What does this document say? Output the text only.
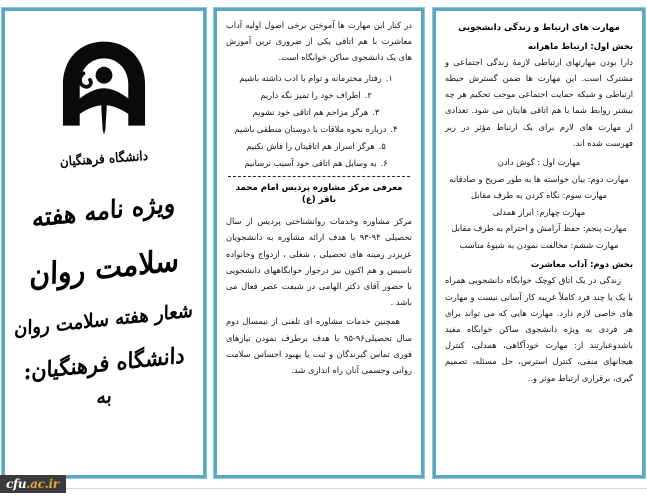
دانشگاه فرهنگیان
ویژه نامه هفته
سلامت روان
شعار هفته سلامت روان
دانشگاه فرهنگیان:
به

در کنار این مهارت ها آموختن برخی اصول اولیه آداب معاشرت با هم اتاقی یکی از ضروری ترین آموزش های یک دانشجوی ساکن خوابگاه است.

۱.رفتار محترمانه و توام با ادب داشته باشیم
۲.اطراف خود را تمیز نگه داریم
۳.هرگز مزاحم هم اتاقی خود نشویم
۴.درباره نحوه ملاقات با دوستان منطقی باشیم
۵.هرگز اسرار هم اتاقیتان را فاش نکنیم
۶.به وسایل هم اتاقی خود آسیب نرسانیم
معرفی مرکز مشاوره پردیس امام محمد باقر (ع)

مرکز مشاوره وخدمات روانشناختی پردیس از سال تحصیلی ۹۴-۹۳ با هدف ارائه مشاوره به دانشجویان عزیزدر زمینه های تحصیلی ، شغلی ، ازدواج وخانواده تاسیس و هم اکنون نیز درجوار خوابگاههای دانشجویی با حضور آقای دکتر الهامی در شیفت عصر فعال می باشد .

همچنین خدمات مشاوره ای تلفنی از نیمسال دوم سال تحصیلی۹۶-۹۵ با هدف برطرف نمودن نیازهای فوری تماس گیرندگان و ثبت یا بهبود احساس سلامت روانی وجسمی آنان راه اندازی شد.

مهارت های ارتباط و زندگی دانشجویی
بخش اول: ارتباط ماهرانه

دارا بودن مهارتهای ارتباطی لازمهٔ زندگی اجتماعی و مشترک است. این مهارت ها ضمن گسترش حیطه ارتباطی و شبکه حمایت اجتماعی موجب تحکیم هر چه بیشتر روابط شما با هم اتاقی هایتان می شود. تعدادی از مهارت های لازم برای یک ارتباط مؤثر در زیر فهرست شده اند.

مهارت اول : گوش دادن
مهارت دوم: بیان خواسته ها به طور صریح و صادقانه
مهارت سوم: نگاه کردن به طرف مقابل
مهارت چهارم: ابراز همدلی
مهارت پنجم: حفظ آرامش و احترام به طرف مقابل
مهارت ششم: مخالفت نمودن به شیوهٔ مناسب
بخش دوم: آداب معاشرت

زندگی در یک اتاق کوچک خوابگاه دانشجویی همراه با یک یا چند فرد کاملاً غریبه کار آسانی نیست و مهارت های خاصی لازم دارد. مهارت هایی که می تواند برای هر فردی به ویژه دانشجوی ساکن خوابگاه مفید باشدوعبارتند از: مهارت خودآگاهی، همدلی، کنترل هیجانهای منفی، کنترل استرس، حل مسئله، تصمیم گیری، برقراری ارتباط موثر و..

cfu .ac.ir
